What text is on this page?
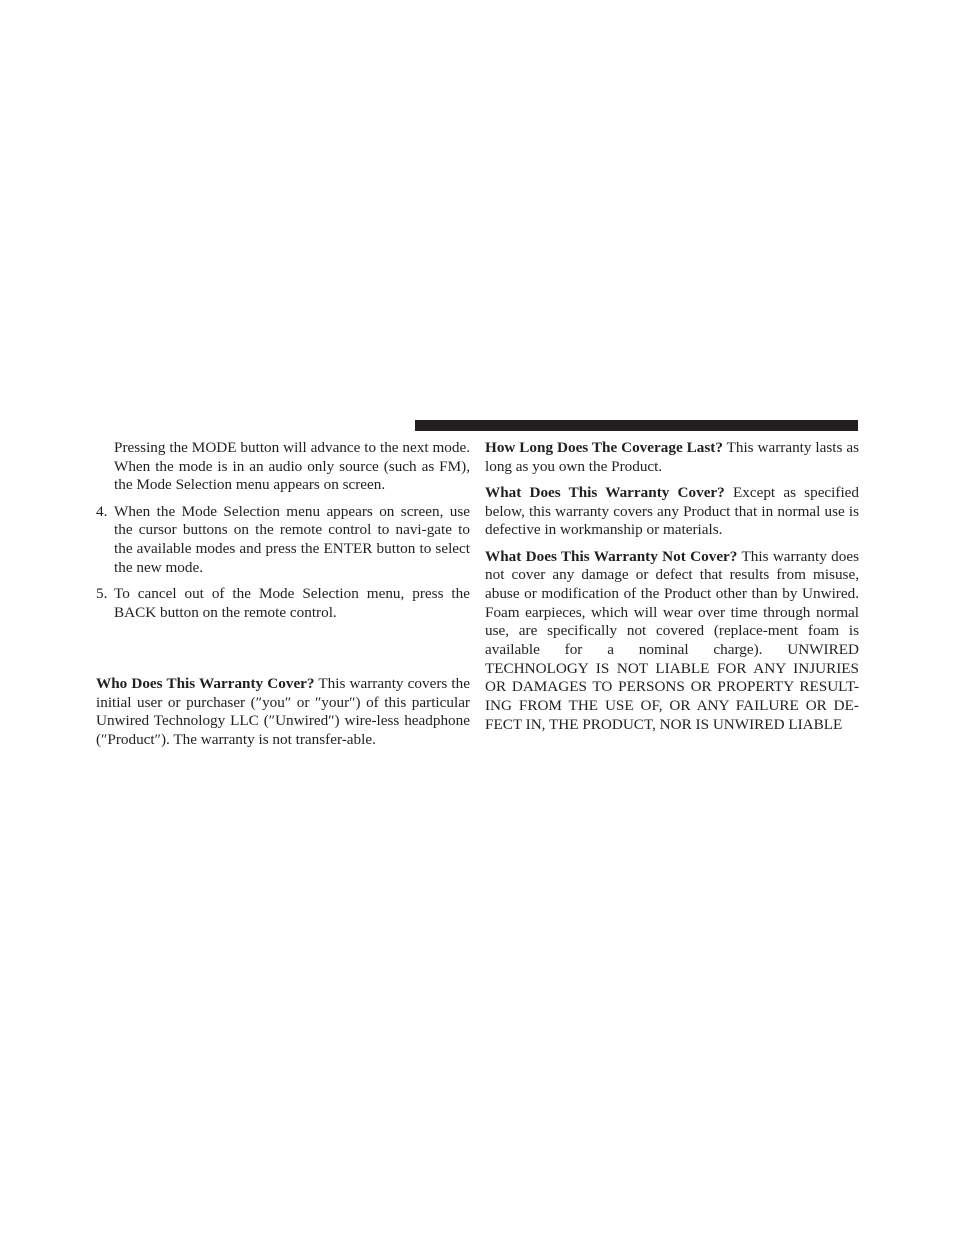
Pressing the MODE button will advance to the next mode. When the mode is in an audio only source (such as FM), the Mode Selection menu appears on screen.

4. When the Mode Selection menu appears on screen, use the cursor buttons on the remote control to navi-gate to the available modes and press the ENTER button to select the new mode.
5. To cancel out of the Mode Selection menu, press the BACK button on the remote control.

Who Does This Warranty Cover? This warranty covers the initial user or purchaser (″you″ or ″your″) of this particular Unwired Technology LLC (″Unwired″) wire-less headphone (″Product″). The warranty is not transfer-able.

How Long Does The Coverage Last? This warranty lasts as long as you own the Product.

What Does This Warranty Cover? Except as specified below, this warranty covers any Product that in normal use is defective in workmanship or materials.

What Does This Warranty Not Cover? This warranty does not cover any damage or defect that results from misuse, abuse or modification of the Product other than by Unwired. Foam earpieces, which will wear over time through normal use, are specifically not covered (replace-ment foam is available for a nominal charge). UNWIRED TECHNOLOGY IS NOT LIABLE FOR ANY INJURIES OR DAMAGES TO PERSONS OR PROPERTY RESULT-ING FROM THE USE OF, OR ANY FAILURE OR DE-FECT IN, THE PRODUCT, NOR IS UNWIRED LIABLE
